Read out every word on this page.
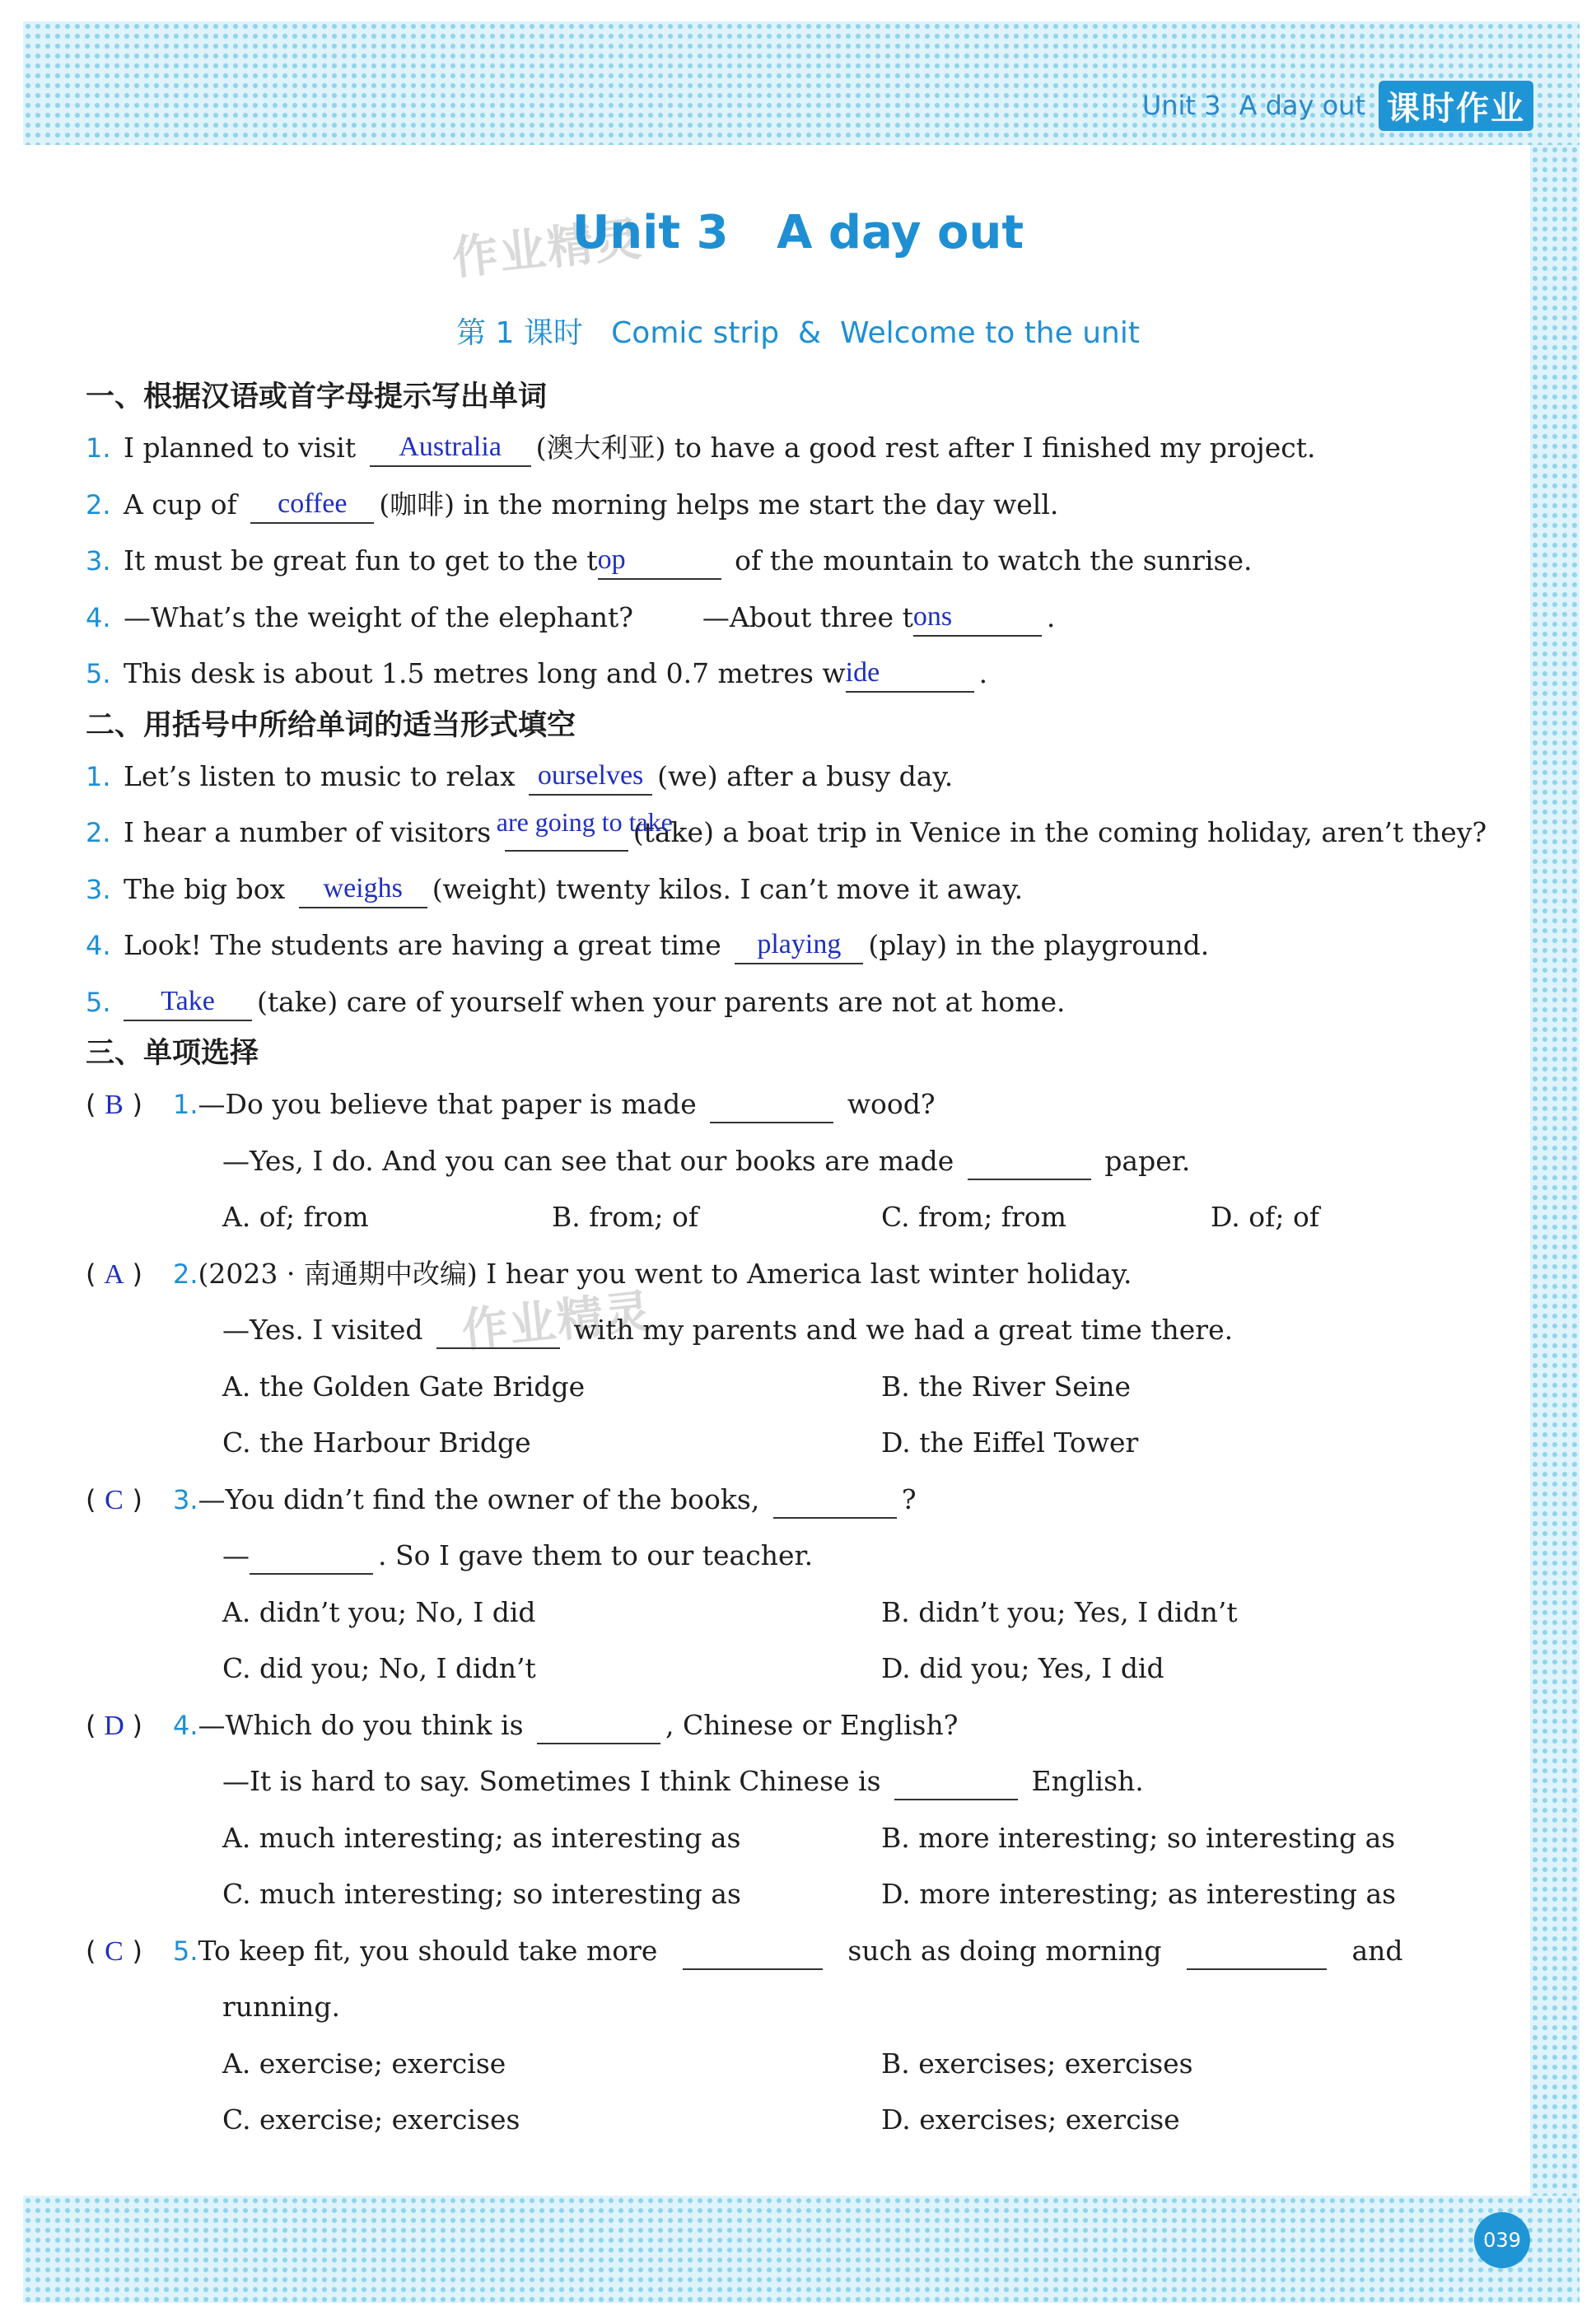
Unit 3 A day out 课时作业
作业精灵
作业精灵
Unit 3   A day out
第 1 课时   Comic strip  &  Welcome to the unit
一、根据汉语或首字母提示写出单词
1. I planned to visit	Australia	(澳大利亚) to have a good rest after I finished my project.
2. A cup of	coffee	(咖啡) in the morning helps me start the day well.
3. It must be great fun to get to the t op	of the mountain to watch the sunrise.
4. —What’s the weight of the elephant?        —About three t ons	.
5. This desk is about 1.5 metres long and 0.7 metres w ide	.
二、用括号中所给单词的适当形式填空
1. Let’s listen to music to relax ourselves (we) after a busy day.
2. I hear a number of visitors are going to take
(take) a boat trip in Venice in the coming holiday, aren’t they?
3. The big box	weighs	(weight) twenty kilos. I can’t move it away.
4. Look! The students are having a great time	playing	(play) in the playground.
5.	Take	(take) care of yourself when your parents are not at home.
三、单项选择
( B ) 1.—Do you believe that paper is made	wood?
—Yes, I do. And you can see that our books are made	paper.
A. of; from	B. from; of	C. from; from	D. of; of
( A ) 2.(2023 · 南通期中改编) I hear you went to America last winter holiday.
—Yes. I visited	with my parents and we had a great time there.
A. the Golden Gate Bridge	B. the River Seine
C. the Harbour Bridge	D. the Eiffel Tower
( C ) 3.—You didn’t find the owner of the books,	?
—	. So I gave them to our teacher.
A. didn’t you; No, I did	B. didn’t you; Yes, I didn’t
C. did you; No, I didn’t	D. did you; Yes, I did
( D ) 4.—Which do you think is	, Chinese or English?
—It is hard to say. Sometimes I think Chinese is	English.
A. much interesting; as interesting as	B. more interesting; so interesting as
C. much interesting; so interesting as	D. more interesting; as interesting as
( C ) 5.To keep fit, you should take more	such as doing morning	and
running.
A. exercise; exercise	B. exercises; exercises
C. exercise; exercises	D. exercises; exercise
039
